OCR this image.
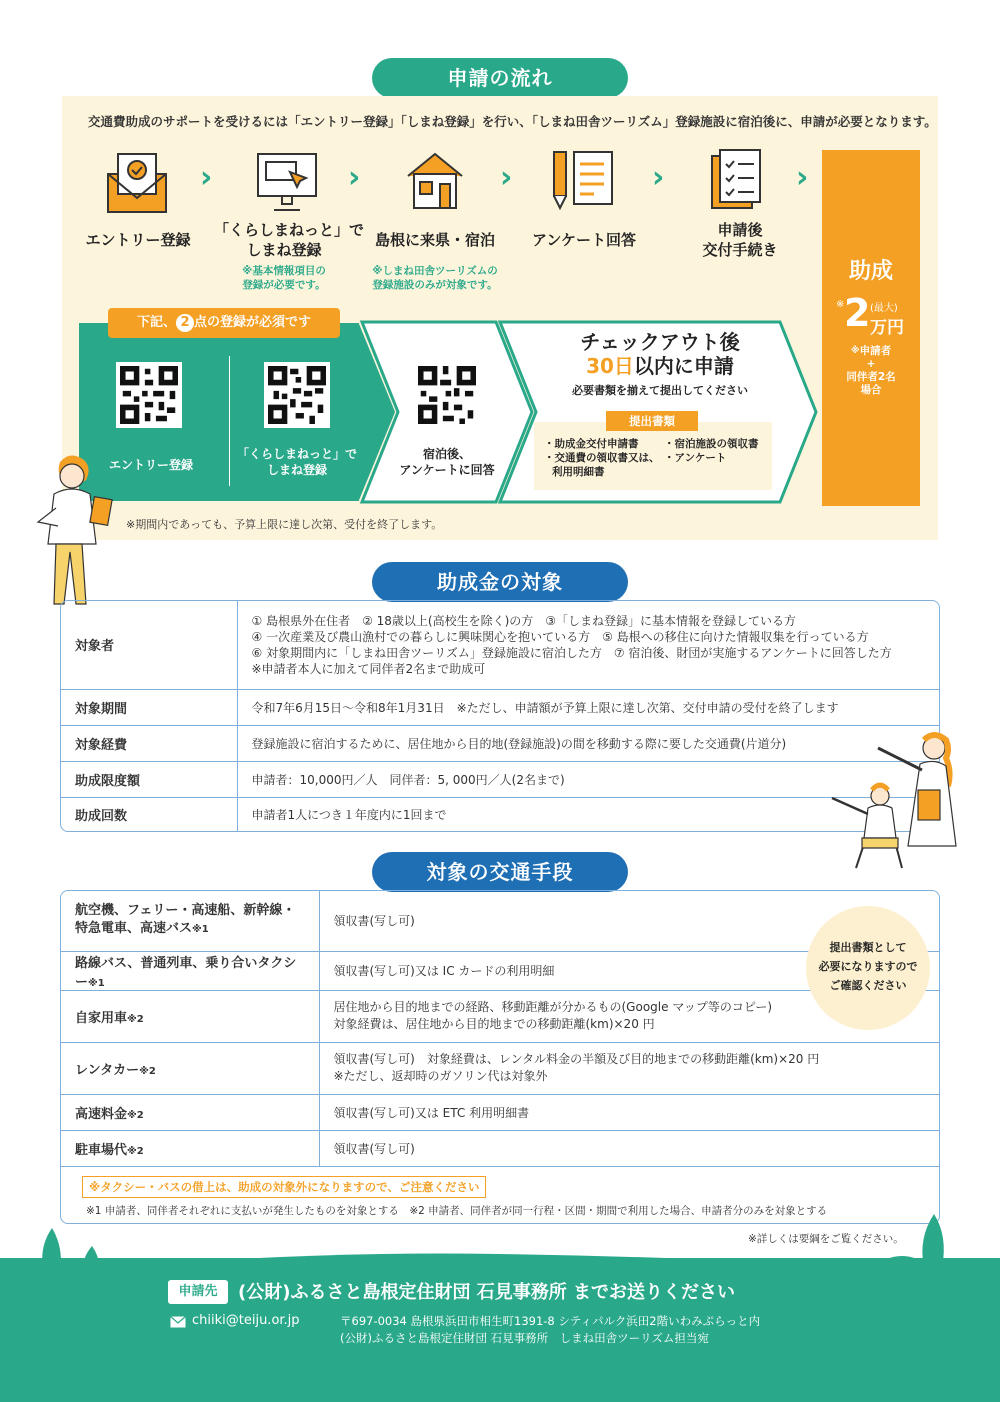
申請の流れ
交通費助成のサポートを受けるには「エントリー登録」「しまね登録」を行い、「しまね田舎ツーリズム」登録施設に宿泊後に、申請が必要となります。
›	›	›	›	›
エントリー登録
「くらしまねっと」で
しまね登録
※基本情報項目の
登録が必要です。
島根に来県・宿泊
※しまね田舎ツーリズムの
登録施設のみが対象です。
アンケート回答
申請後
交付手続き
助成
※ 2 (最大)
万円
※申請者
+
同伴者2名
場合
下記、 2 点の登録が必須です
エントリー登録
「くらしまねっと」で
しまね登録
宿泊後、
アンケートに回答
チェックアウト後
30日以内に申請
必要書類を揃えて提出してください
提出書類
・助成金交付申請書
・交通費の領収書又は、
利用明細書
・宿泊施設の領収書
・アンケート
※期間内であっても、予算上限に達し次第、受付を終了します。
助成金の対象
対象者	① 島根県外在住者　② 18歳以上(高校生を除く)の方　③「しまね登録」に基本情報を登録している方
④ 一次産業及び農山漁村での暮らしに興味関心を抱いている方　⑤ 島根への移住に向けた情報収集を行っている方
⑥ 対象期間内に「しまね田舎ツーリズム」登録施設に宿泊した方　⑦ 宿泊後、財団が実施するアンケートに回答した方
※申請者本人に加えて同伴者2名まで助成可

対象期間	令和7年6月15日～令和8年1月31日　※ただし、申請額が予算上限に達し次第、交付申請の受付を終了します
対象経費	登録施設に宿泊するために、居住地から目的地(登録施設)の間を移動する際に要した交通費(片道分)
助成限度額	申請者：10,000円／人　同伴者：5, 000円／人(2名まで)
助成回数	申請者1人につき１年度内に1回まで
対象の交通手段
航空機、フェリー・高速船、新幹線・
特急電車、高速バス※1	領収書(写し可)
路線バス、普通列車、乗り合いタクシー※1	領収書(写し可)又は IC カードの利用明細
自家用車※2	居住地から目的地までの経路、移動距離が分かるもの(Google マップ等のコピー)
対象経費は、居住地から目的地までの移動距離(km)×20 円

レンタカー※2	領収書(写し可)　対象経費は、レンタル料金の半額及び目的地までの移動距離(km)×20 円
※ただし、返却時のガソリン代は対象外

高速料金※2	領収書(写し可)又は ETC 利用明細書
駐車場代※2	領収書(写し可)
提出書類として
必要になりますので
ご確認ください
※タクシー・バスの借上は、助成の対象外になりますので、ご注意ください
※1 申請者、同伴者それぞれに支払いが発生したものを対象とする　※2 申請者、同伴者が同一行程・区間・期間で利用した場合、申請者分のみを対象とする
※詳しくは要綱をご覧ください。
申請先	(公財)ふるさと島根定住財団 石見事務所 までお送りください
chiiki@teiju.or.jp	〒697-0034 島根県浜田市相生町1391-8 シティパルク浜田2階いわみぷらっと内
(公財)ふるさと島根定住財団 石見事務所　しまね田舎ツーリズム担当宛
